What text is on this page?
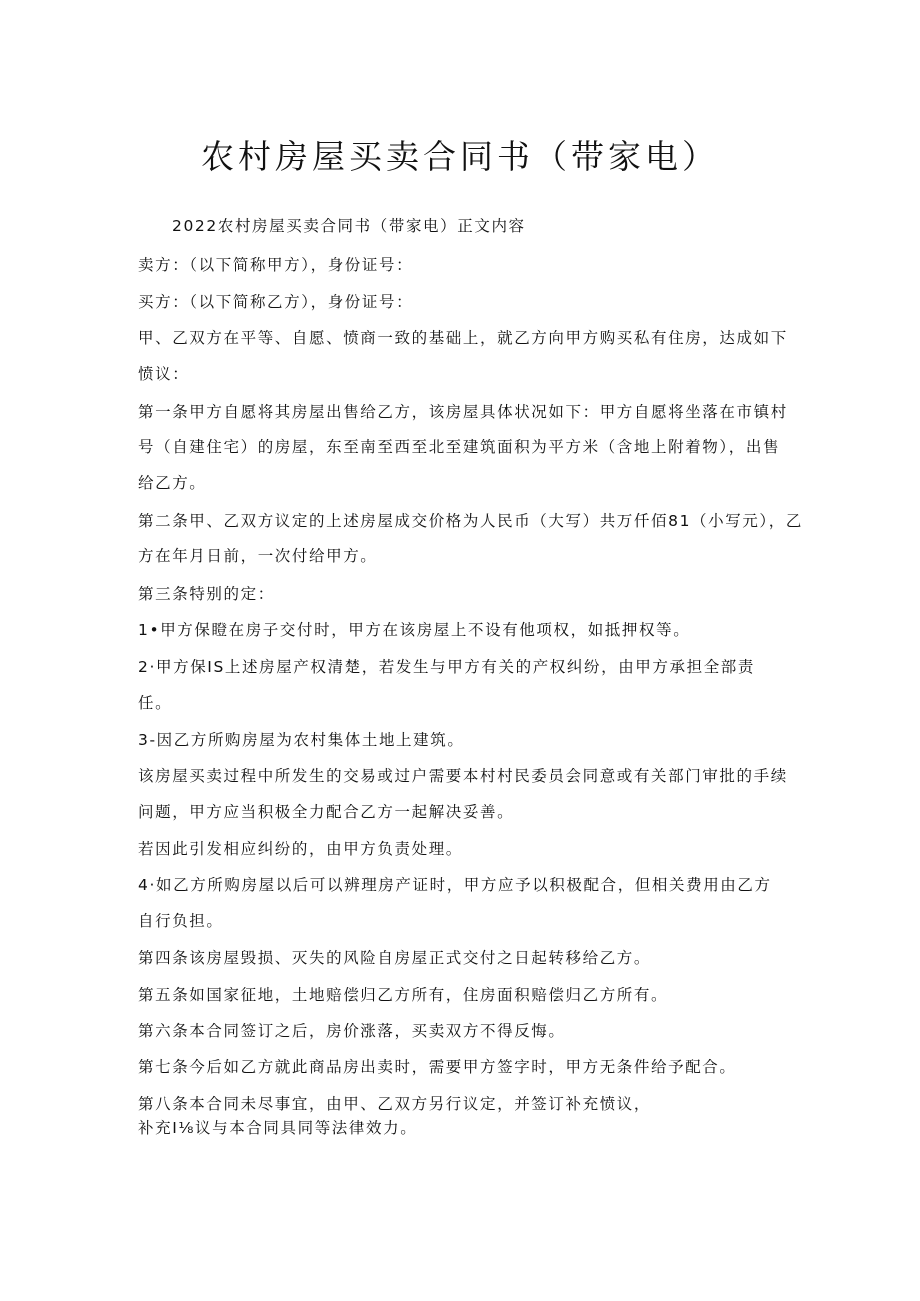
农村房屋买卖合同书（带家电）
2022农村房屋买卖合同书（带家电）正文内容
卖方：（以下简称甲方），身份证号：
买方：（以下简称乙方），身份证号：
甲、乙双方在平等、自愿、愤商一致的基础上，就乙方向甲方购买私有住房，达成如下
愤议：
第一条甲方自愿将其房屋出售给乙方，该房屋具体状况如下：甲方自愿将坐落在市镇村
号（自建住宅）的房屋，东至南至西至北至建筑面积为平方米（含地上附着物），出售
给乙方。
第二条甲、乙双方议定的上述房屋成交价格为人民币（大写）共万仟佰81（小写元），乙
方在年月日前，一次付给甲方。
第三条特别的定：
1•甲方保瞪在房子交付时，甲方在该房屋上不设有他项权，如抵押权等。
2·甲方保IS上述房屋产权清楚，若发生与甲方有关的产权纠纷，由甲方承担全部责
任。
3-因乙方所购房屋为农村集体土地上建筑。
该房屋买卖过程中所发生的交易或过户需要本村村民委员会同意或有关部门审批的手续
问题，甲方应当积极全力配合乙方一起解决妥善。
若因此引发相应纠纷的，由甲方负责处理。
4·如乙方所购房屋以后可以辨理房产证时，甲方应予以积极配合，但相关费用由乙方
自行负担。
第四条该房屋毁损、灭失的风险自房屋正式交付之日起转移给乙方。
第五条如国家征地，土地赔偿归乙方所有，住房面积赔偿归乙方所有。
第六条本合同签订之后，房价涨落，买卖双方不得反悔。
第七条今后如乙方就此商品房出卖时，需要甲方签字时，甲方无条件给予配合。
第八条本合同未尽事宜，由甲、乙双方另行议定，并签订补充愤议，
补充I⅛议与本合同具同等法律效力。
